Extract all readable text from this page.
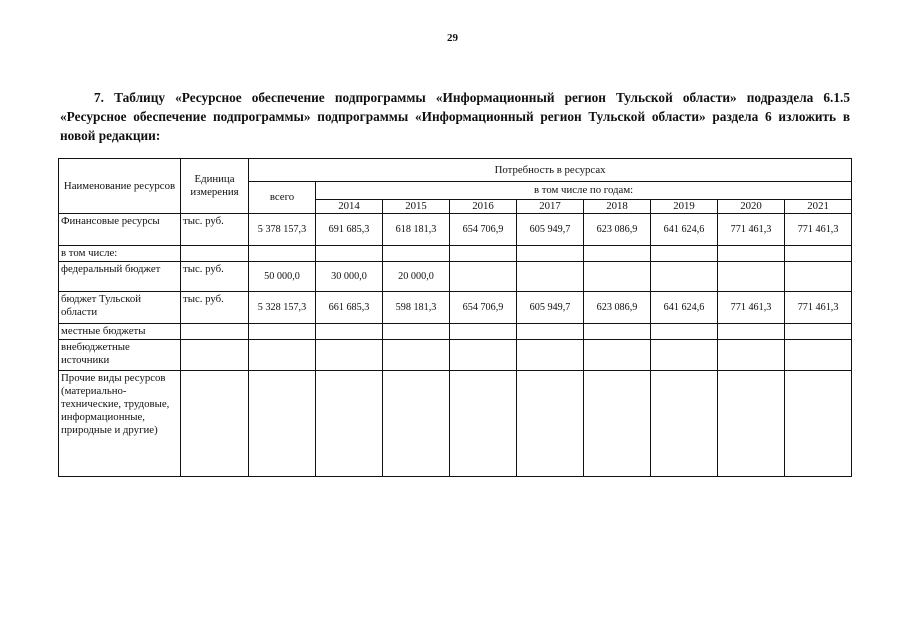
29
7. Таблицу «Ресурсное обеспечение подпрограммы «Информационный регион Тульской области» подраздела 6.1.5 «Ресурсное обеспечение подпрограммы» подпрограммы «Информационный регион Тульской области» раздела 6 изложить в новой редакции:
Наименование ресурсов	Единица измерения	Потребность в ресурсах								
		всего	в том числе по годам:							
			2014	2015	2016	2017	2018	2019	2020	2021
Финансовые ресурсы	тыс. руб.	5 378 157,3	691 685,3	618 181,3	654 706,9	605 949,7	623 086,9	641 624,6	771 461,3	771 461,3
в том числе:										
федеральный бюджет	тыс. руб.	50 000,0	30 000,0	20 000,0						
бюджет Тульской области	тыс. руб.	5 328 157,3	661 685,3	598 181,3	654 706,9	605 949,7	623 086,9	641 624,6	771 461,3	771 461,3
местные бюджеты										
внебюджетные источники										
Прочие виды ресурсов (материально-технические, трудовые, информационные, природные и другие)										
